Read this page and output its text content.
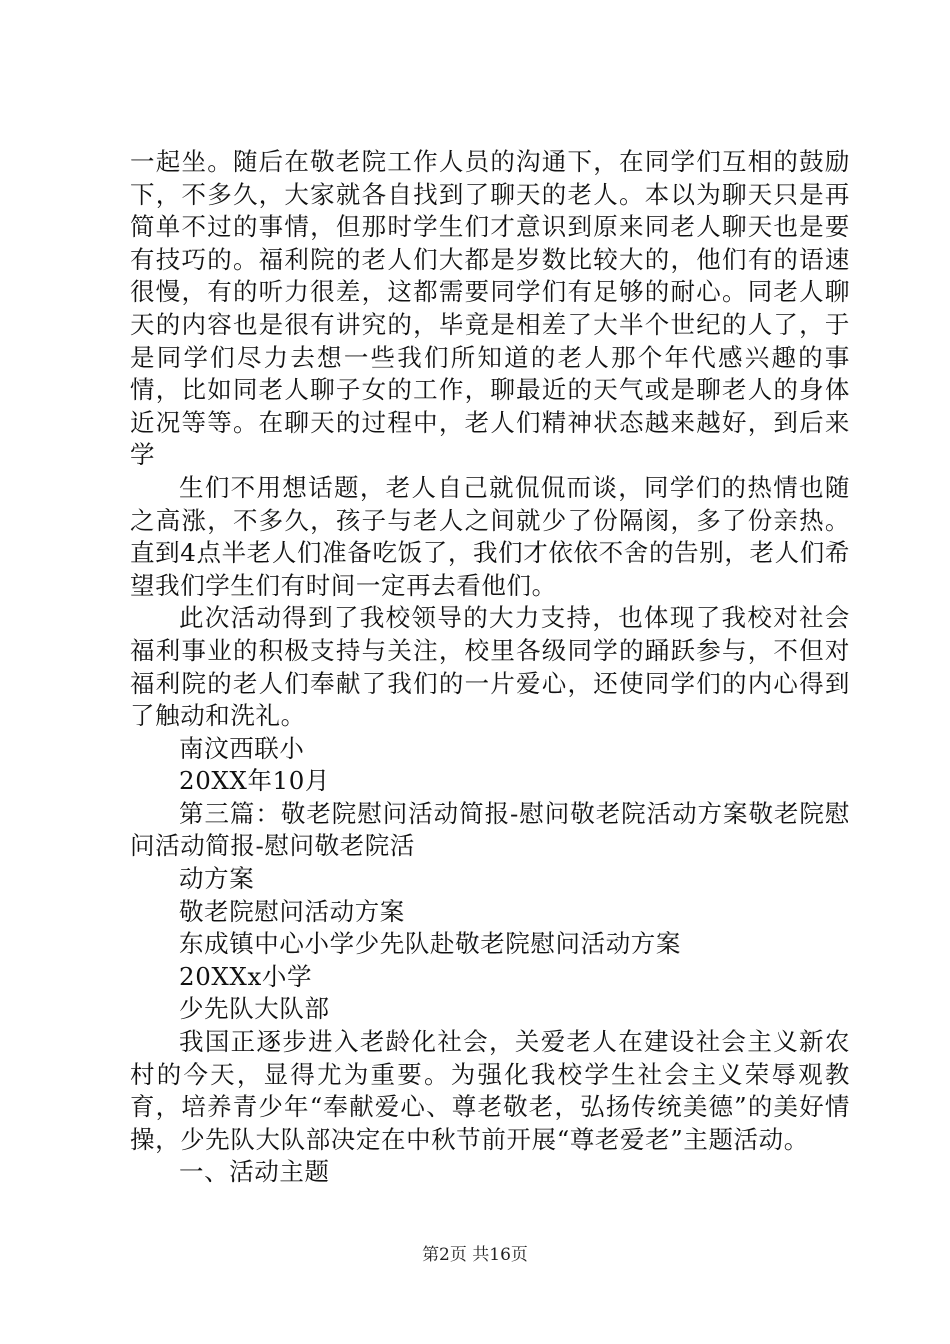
一起坐。随后在敬老院工作人员的沟通下，在同学们互相的鼓励下，不多久，大家就各自找到了聊天的老人。本以为聊天只是再简单不过的事情，但那时学生们才意识到原来同老人聊天也是要有技巧的。福利院的老人们大都是岁数比较大的，他们有的语速很慢，有的听力很差，这都需要同学们有足够的耐心。同老人聊天的内容也是很有讲究的，毕竟是相差了大半个世纪的人了，于是同学们尽力去想一些我们所知道的老人那个年代感兴趣的事情，比如同老人聊子女的工作，聊最近的天气或是聊老人的身体近况等等。在聊天的过程中，老人们精神状态越来越好，到后来学

生们不用想话题，老人自己就侃侃而谈，同学们的热情也随之高涨，不多久，孩子与老人之间就少了份隔阂，多了份亲热。直到4点半老人们准备吃饭了，我们才依依不舍的告别，老人们希望我们学生们有时间一定再去看他们。

此次活动得到了我校领导的大力支持，也体现了我校对社会福利事业的积极支持与关注，校里各级同学的踊跃参与，不但对福利院的老人们奉献了我们的一片爱心，还使同学们的内心得到了触动和洗礼。

南汶西联小

20XX年10月

第三篇：敬老院慰问活动简报-慰问敬老院活动方案敬老院慰问活动简报-慰问敬老院活

动方案

敬老院慰问活动方案

东成镇中心小学少先队赴敬老院慰问活动方案

20XXx小学

少先队大队部

我国正逐步进入老龄化社会，关爱老人在建设社会主义新农村的今天，显得尤为重要。为强化我校学生社会主义荣辱观教育，培养青少年“奉献爱心、尊老敬老，弘扬传统美德”的美好情操，少先队大队部决定在中秋节前开展“尊老爱老”主题活动。

一、活动主题

第2页 共16页
